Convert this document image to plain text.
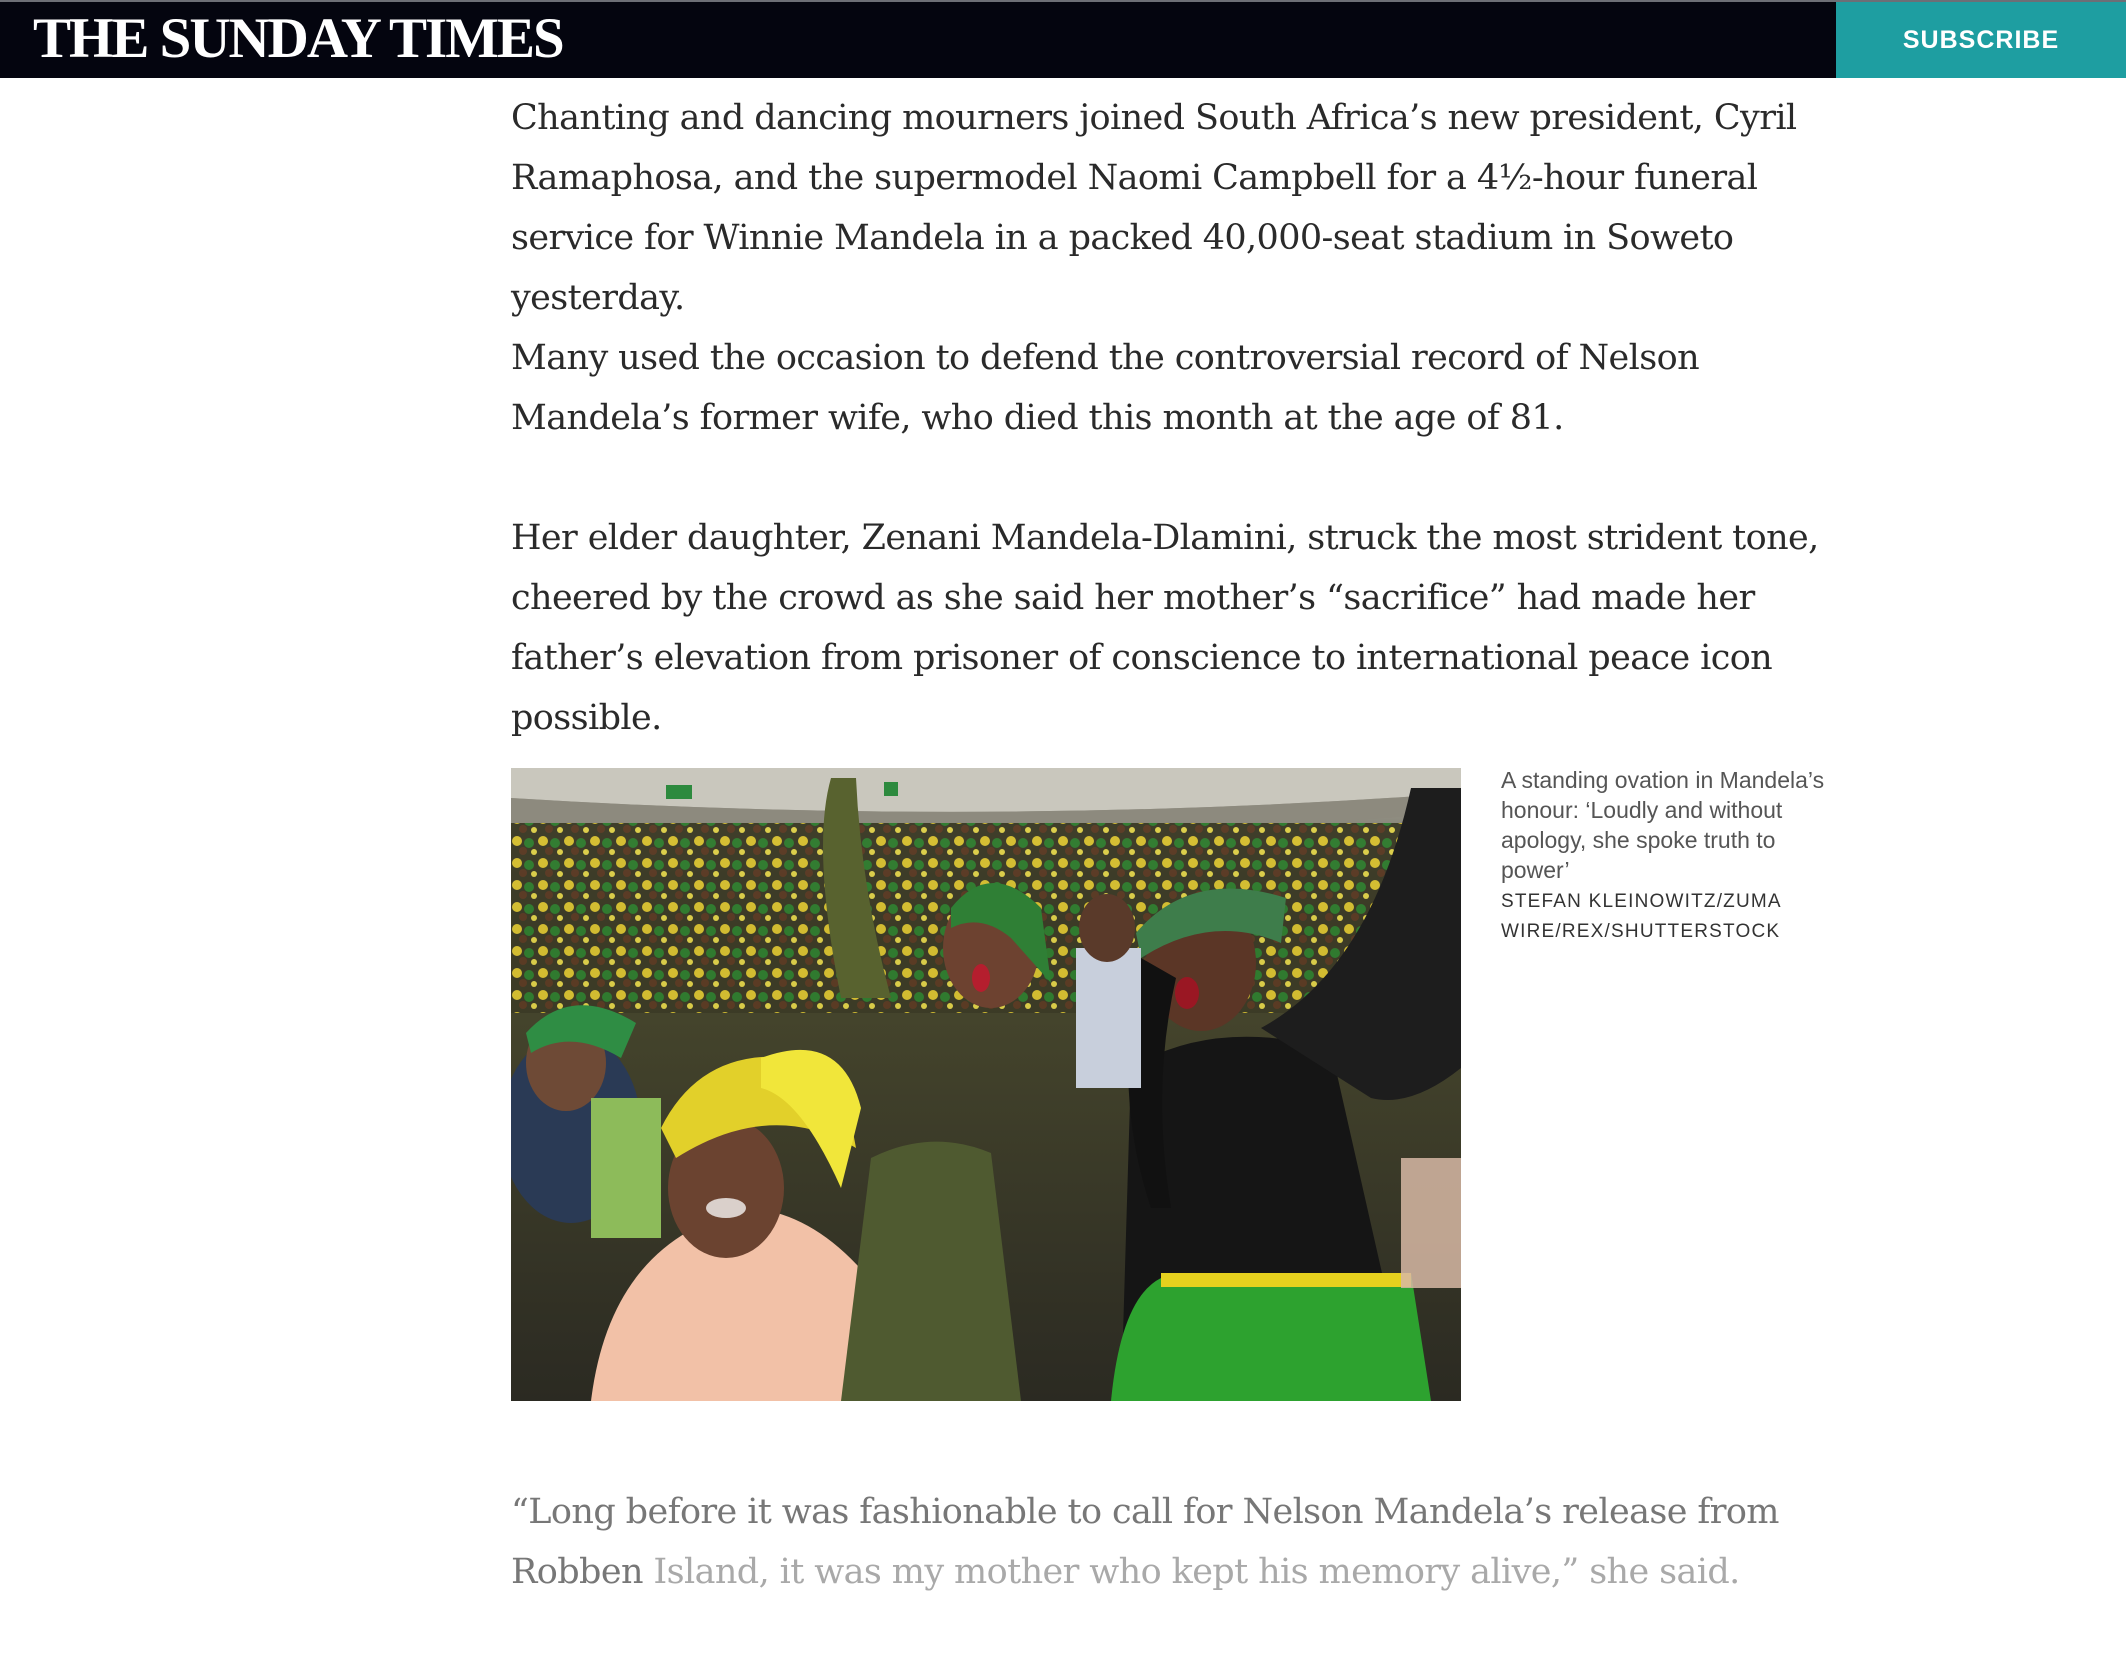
THE SUNDAY TIMES	SUBSCRIBE

Chanting and dancing mourners joined South Africa’s new president, Cyril Ramaphosa, and the supermodel Naomi Campbell for a 4½-hour funeral service for Winnie Mandela in a packed 40,000-seat stadium in Soweto yesterday.

Many used the occasion to defend the controversial record of Nelson Mandela’s former wife, who died this month at the age of 81.

Her elder daughter, Zenani Mandela-Dlamini, struck the most strident tone, cheered by the crowd as she said her mother’s “sacrifice” had made her father’s elevation from prisoner of conscience to international peace icon possible.

A standing ovation in Mandela’s honour: ‘Loudly and without apology, she spoke truth to power’
STEFAN KLEINOWITZ/ZUMA WIRE/REX/SHUTTERSTOCK

“Long before it was fashionable to call for Nelson Mandela’s release from Robben Island, it was my mother who kept his memory alive,” she said.
